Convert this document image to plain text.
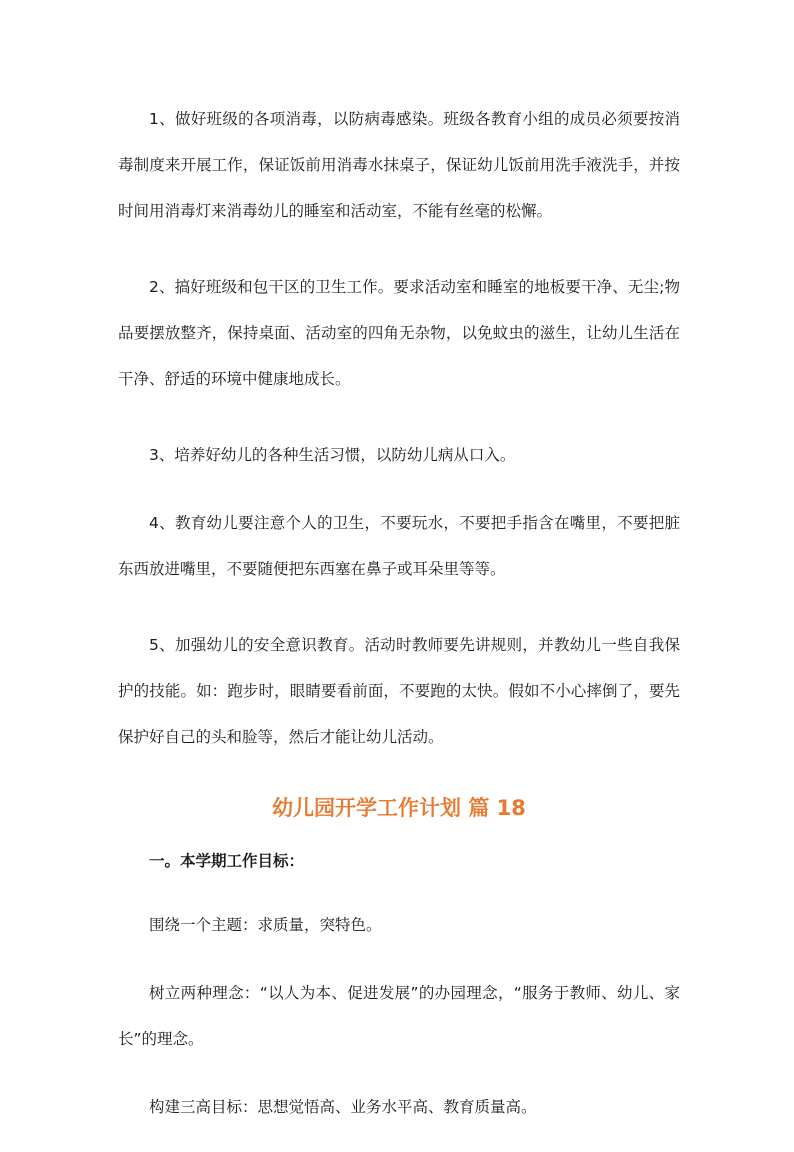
1、做好班级的各项消毒，以防病毒感染。班级各教育小组的成员必须要按消毒制度来开展工作，保证饭前用消毒水抹桌子，保证幼儿饭前用洗手液洗手，并按时间用消毒灯来消毒幼儿的睡室和活动室，不能有丝毫的松懈。

2、搞好班级和包干区的卫生工作。要求活动室和睡室的地板要干净、无尘;物品要摆放整齐，保持桌面、活动室的四角无杂物，以免蚊虫的滋生，让幼儿生活在干净、舒适的环境中健康地成长。

3、培养好幼儿的各种生活习惯，以防幼儿病从口入。

4、教育幼儿要注意个人的卫生，不要玩水，不要把手指含在嘴里，不要把脏东西放进嘴里，不要随便把东西塞在鼻子或耳朵里等等。

5、加强幼儿的安全意识教育。活动时教师要先讲规则，并教幼儿一些自我保护的技能。如：跑步时，眼睛要看前面，不要跑的太快。假如不小心摔倒了，要先保护好自己的头和脸等，然后才能让幼儿活动。

幼儿园开学工作计划 篇 18

一。本学期工作目标：

围绕一个主题：求质量，突特色。

树立两种理念：“以人为本、促进发展”的办园理念，“服务于教师、幼儿、家长”的理念。

构建三高目标：思想觉悟高、业务水平高、教育质量高。
